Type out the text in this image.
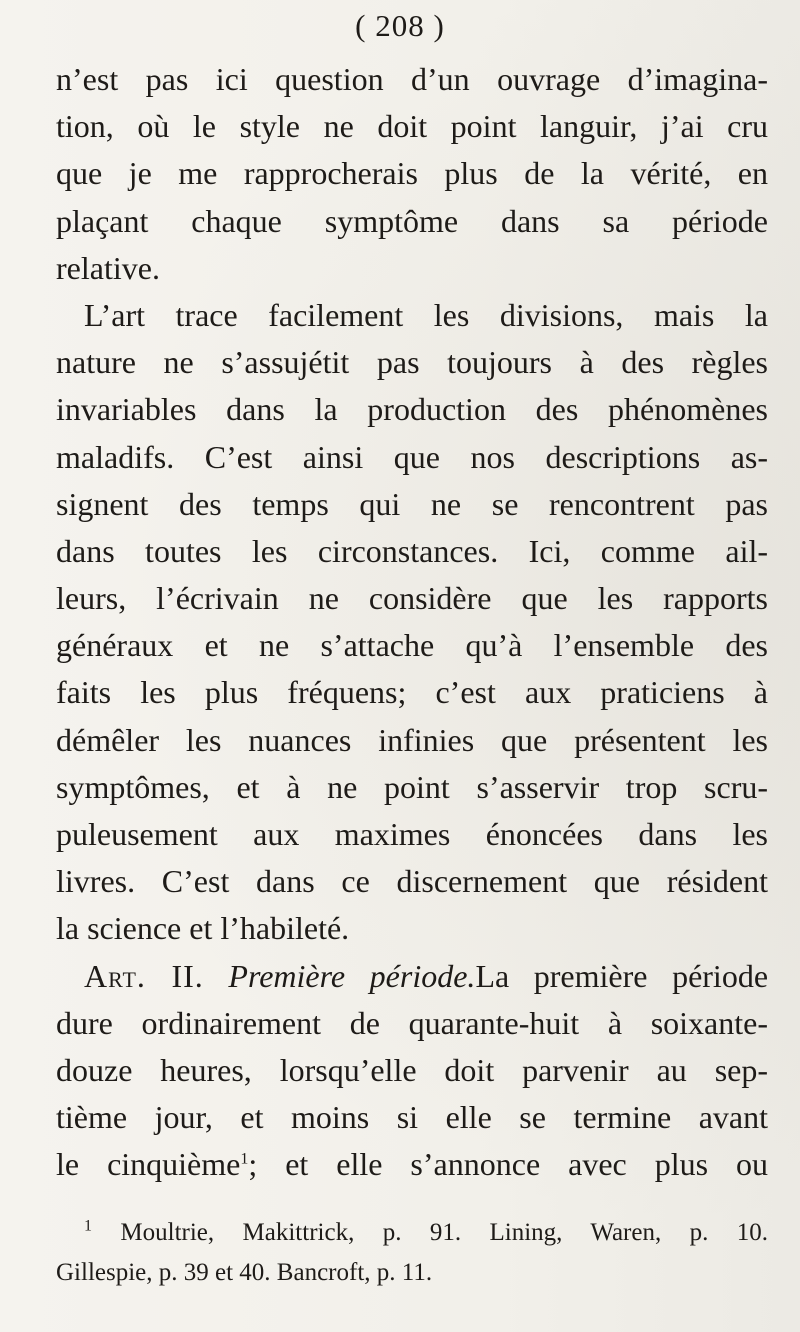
( 208 )
n’est pas ici question d’un ouvrage d’imagina-
tion, où le style ne doit point languir, j’ai cru
que je me rapprocherais plus de la vérité, en
plaçant chaque symptôme dans sa période
relative.
L’art trace facilement les divisions, mais la
nature ne s’assujétit pas toujours à des règles
invariables dans la production des phénomènes
maladifs. C’est ainsi que nos descriptions as-
signent des temps qui ne se rencontrent pas
dans toutes les circonstances. Ici, comme ail-
leurs, l’écrivain ne considère que les rapports
généraux et ne s’attache qu’à l’ensemble des
faits les plus fréquens; c’est aux praticiens à
démêler les nuances infinies que présentent les
symptômes, et à ne point s’asservir trop scru-
puleusement aux maximes énoncées dans les
livres. C’est dans ce discernement que résident
la science et l’habileté.
Art. II. Première période.La première période
dure ordinairement de quarante-huit à soixante-
douze heures, lorsqu’elle doit parvenir au sep-
tième jour, et moins si elle se termine avant
le cinquième$^1$; et elle s’annonce avec plus ou
$^1$ Moultrie, Makittrick, p. 91. Lining, Waren, p. 10.
Gillespie, p. 39 et 40. Bancroft, p. 11.
